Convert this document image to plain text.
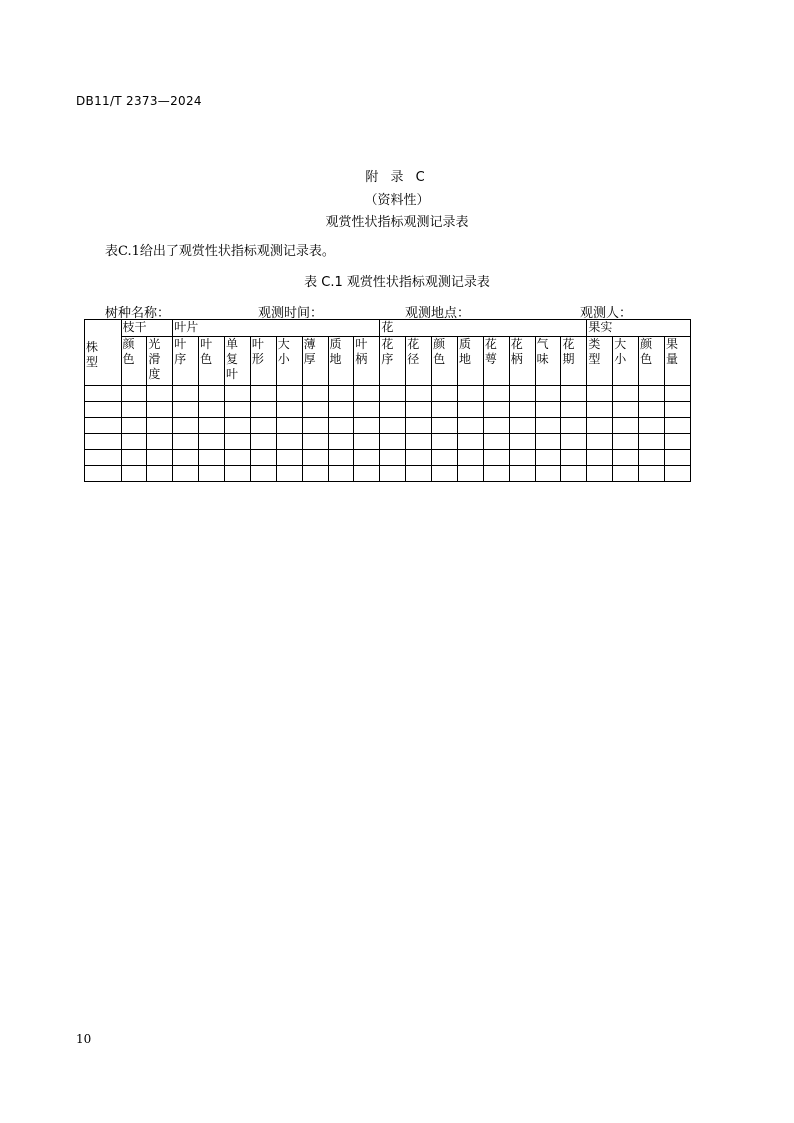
DB11/T 2373—2024
附 录 C
（资料性）
观赏性状指标观测记录表
表C.1给出了观赏性状指标观测记录表。
表 C.1 观赏性状指标观测记录表
树种名称：	观测时间：	观测地点：	观测人：
株型	枝干		叶片								花								果实			

	颜色	光滑度	叶序	叶色	单复叶	叶形	大小	薄厚	质地	叶柄	花序	花径	颜色	质地	花萼	花柄	气味	花期	类型	大小	颜色	果量

10
